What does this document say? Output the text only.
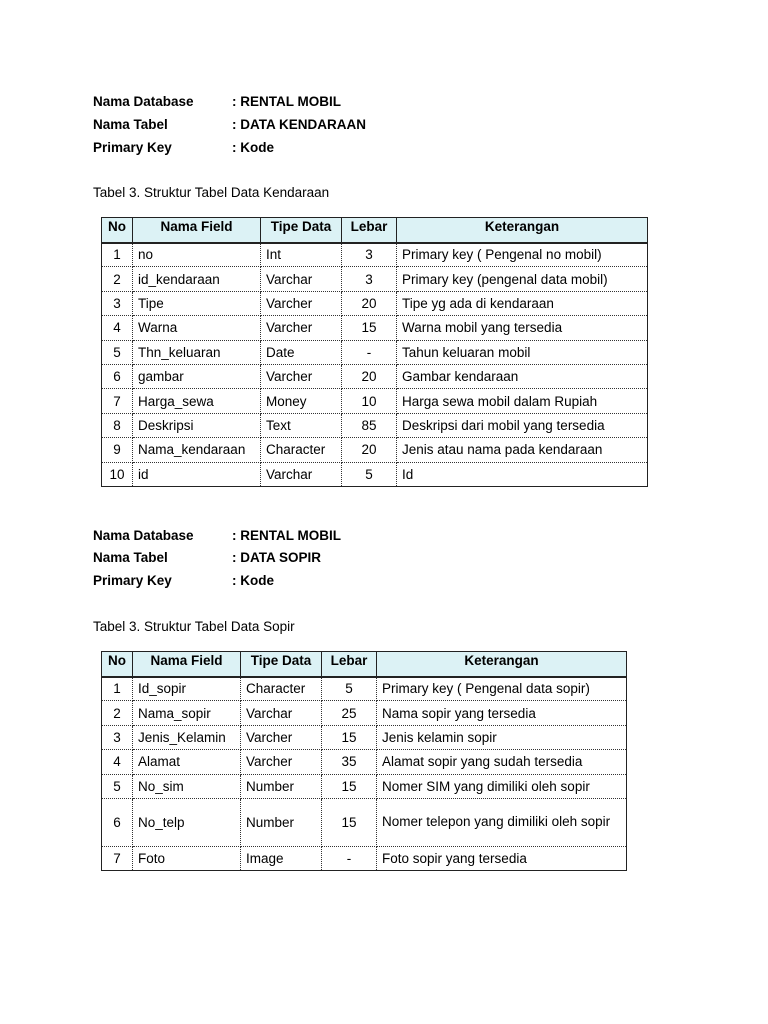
Nama Database	: RENTAL MOBIL
Nama Tabel	: DATA KENDARAAN
Primary Key	: Kode
Tabel 3. Struktur Tabel Data Kendaraan
No	Nama Field	Tipe Data	Lebar	Keterangan
1	no	Int	3	Primary key ( Pengenal no mobil)
2	id_kendaraan	Varchar	3	Primary key (pengenal data mobil)
3	Tipe	Varcher	20	Tipe yg ada di kendaraan
4	Warna	Varcher	15	Warna mobil yang tersedia
5	Thn_keluaran	Date	-	Tahun keluaran mobil
6	gambar	Varcher	20	Gambar kendaraan
7	Harga_sewa	Money	10	Harga sewa mobil dalam Rupiah
8	Deskripsi	Text	85	Deskripsi dari mobil yang tersedia
9	Nama_kendaraan	Character	20	Jenis atau nama pada kendaraan
10	id	Varchar	5	Id
Nama Database	: RENTAL MOBIL
Nama Tabel	: DATA SOPIR
Primary Key	: Kode
Tabel 3. Struktur Tabel Data Sopir
No	Nama Field	Tipe Data	Lebar	Keterangan
1	Id_sopir	Character	5	Primary key ( Pengenal data sopir)
2	Nama_sopir	Varchar	25	Nama sopir yang tersedia
3	Jenis_Kelamin	Varcher	15	Jenis kelamin sopir
4	Alamat	Varcher	35	Alamat sopir yang sudah tersedia
5	No_sim	Number	15	Nomer SIM yang dimiliki oleh sopir
6	No_telp	Number	15	Nomer telepon yang dimiliki oleh sopir
7	Foto	Image	-	Foto sopir yang tersedia
